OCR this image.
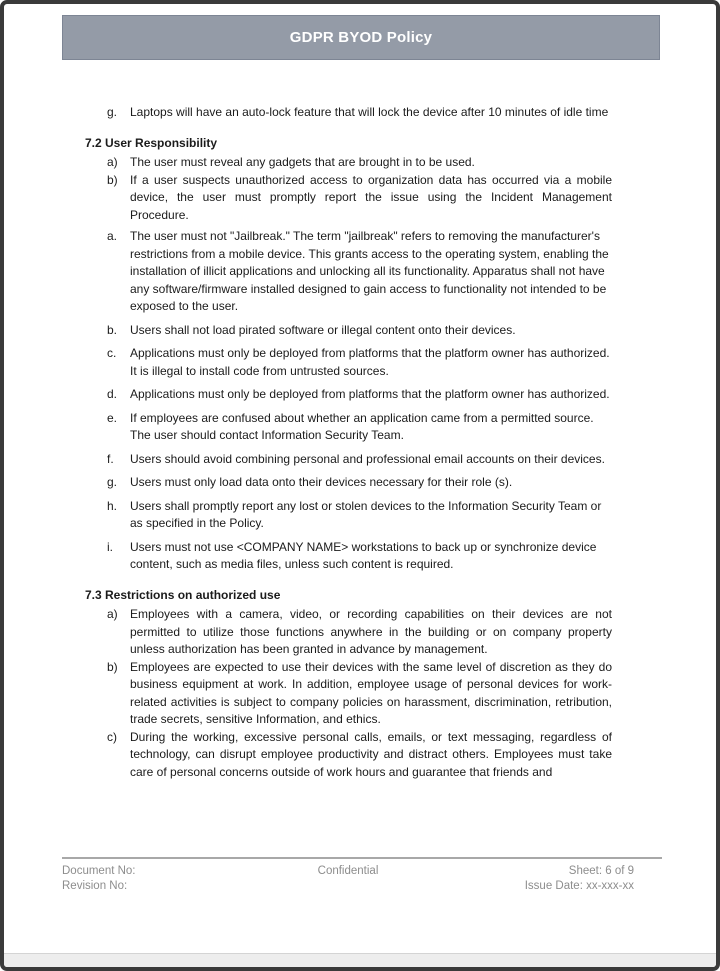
GDPR BYOD Policy
g.	Laptops will have an auto-lock feature that will lock the device after 10 minutes of idle time
7.2 User Responsibility
a)	The user must reveal any gadgets that are brought in to be used.
b)	If a user suspects unauthorized access to organization data has occurred via a mobile device, the user must promptly report the issue using the Incident Management Procedure.
a.	The user must not "Jailbreak." The term "jailbreak" refers to removing the manufacturer's restrictions from a mobile device. This grants access to the operating system, enabling the installation of illicit applications and unlocking all its functionality. Apparatus shall not have any software/firmware installed designed to gain access to functionality not intended to be exposed to the user.
b.	Users shall not load pirated software or illegal content onto their devices.
c.	Applications must only be deployed from platforms that the platform owner has authorized. It is illegal to install code from untrusted sources.
d.	Applications must only be deployed from platforms that the platform owner has authorized.
e.	If employees are confused about whether an application came from a permitted source. The user should contact Information Security Team.
f.	Users should avoid combining personal and professional email accounts on their devices.
g.	Users must only load data onto their devices necessary for their role (s).
h.	Users shall promptly report any lost or stolen devices to the Information Security Team or as specified in the Policy.
i.	Users must not use <COMPANY NAME> workstations to back up or synchronize device content, such as media files, unless such content is required.
7.3 Restrictions on authorized use
a)	Employees with a camera, video, or recording capabilities on their devices are not permitted to utilize those functions anywhere in the building or on company property unless authorization has been granted in advance by management.
b)	Employees are expected to use their devices with the same level of discretion as they do business equipment at work. In addition, employee usage of personal devices for work-related activities is subject to company policies on harassment, discrimination, retribution, trade secrets, sensitive Information, and ethics.
c)	During the working, excessive personal calls, emails, or text messaging, regardless of technology, can disrupt employee productivity and distract others. Employees must take care of personal concerns outside of work hours and guarantee that friends and
Document No:
Revision No:
Confidential	Sheet: 6 of 9
Issue Date: xx-xxx-xx
